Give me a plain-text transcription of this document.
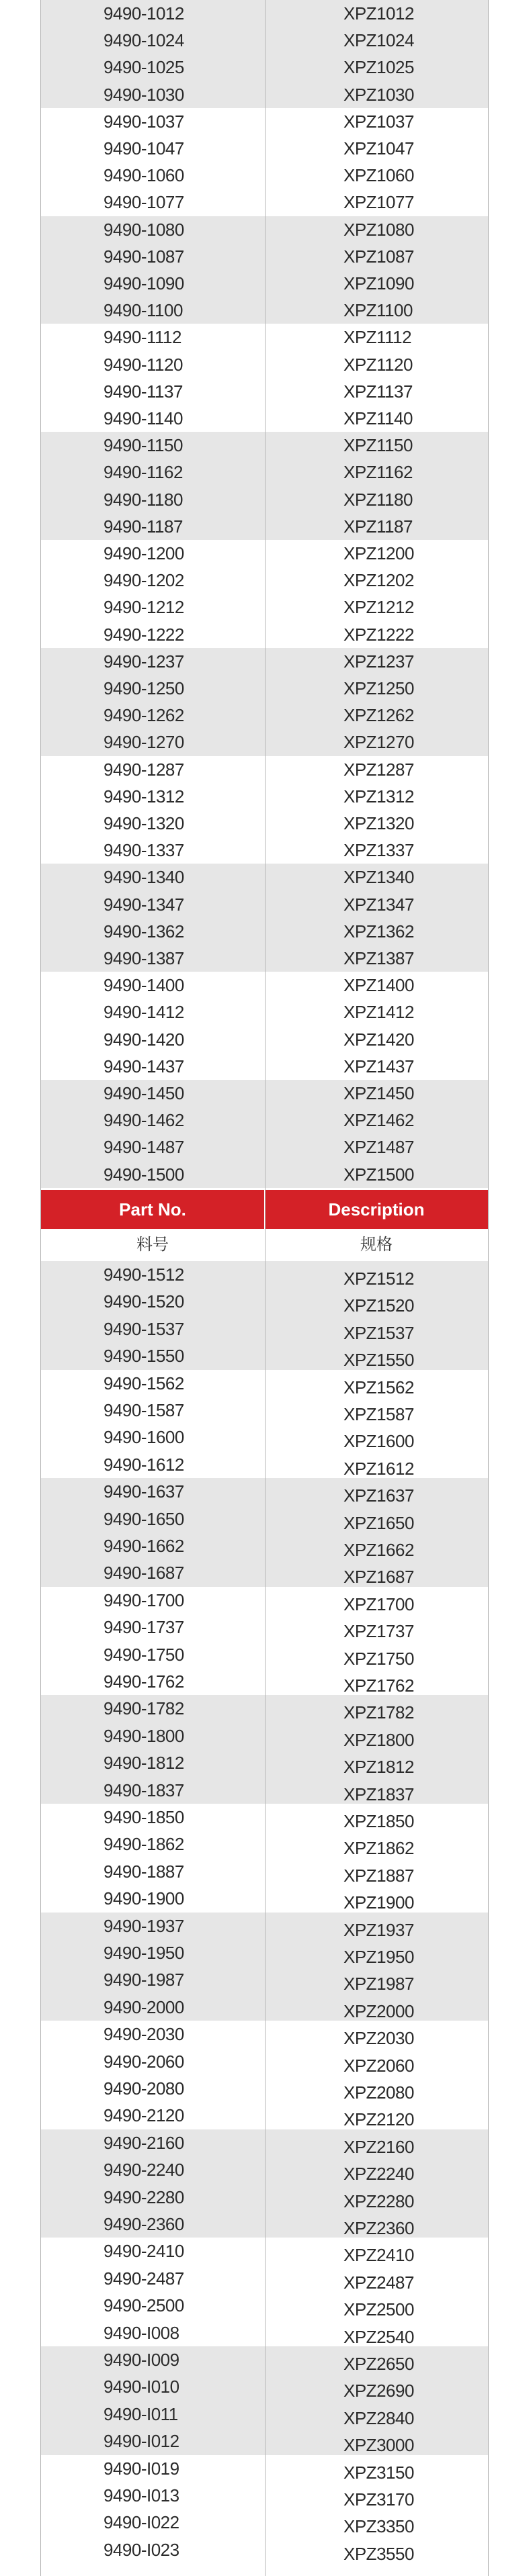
9490-1012	XPZ1012
9490-1024	XPZ1024
9490-1025	XPZ1025
9490-1030	XPZ1030
9490-1037	XPZ1037
9490-1047	XPZ1047
9490-1060	XPZ1060
9490-1077	XPZ1077
9490-1080	XPZ1080
9490-1087	XPZ1087
9490-1090	XPZ1090
9490-1100	XPZ1100
9490-1112	XPZ1112
9490-1120	XPZ1120
9490-1137	XPZ1137
9490-1140	XPZ1140
9490-1150	XPZ1150
9490-1162	XPZ1162
9490-1180	XPZ1180
9490-1187	XPZ1187
9490-1200	XPZ1200
9490-1202	XPZ1202
9490-1212	XPZ1212
9490-1222	XPZ1222
9490-1237	XPZ1237
9490-1250	XPZ1250
9490-1262	XPZ1262
9490-1270	XPZ1270
9490-1287	XPZ1287
9490-1312	XPZ1312
9490-1320	XPZ1320
9490-1337	XPZ1337
9490-1340	XPZ1340
9490-1347	XPZ1347
9490-1362	XPZ1362
9490-1387	XPZ1387
9490-1400	XPZ1400
9490-1412	XPZ1412
9490-1420	XPZ1420
9490-1437	XPZ1437
9490-1450	XPZ1450
9490-1462	XPZ1462
9490-1487	XPZ1487
9490-1500	XPZ1500
Part No.	Description
料号	规格
9490-1512	XPZ1512
9490-1520	XPZ1520
9490-1537	XPZ1537
9490-1550	XPZ1550
9490-1562	XPZ1562
9490-1587	XPZ1587
9490-1600	XPZ1600
9490-1612	XPZ1612
9490-1637	XPZ1637
9490-1650	XPZ1650
9490-1662	XPZ1662
9490-1687	XPZ1687
9490-1700	XPZ1700
9490-1737	XPZ1737
9490-1750	XPZ1750
9490-1762	XPZ1762
9490-1782	XPZ1782
9490-1800	XPZ1800
9490-1812	XPZ1812
9490-1837	XPZ1837
9490-1850	XPZ1850
9490-1862	XPZ1862
9490-1887	XPZ1887
9490-1900	XPZ1900
9490-1937	XPZ1937
9490-1950	XPZ1950
9490-1987	XPZ1987
9490-2000	XPZ2000
9490-2030	XPZ2030
9490-2060	XPZ2060
9490-2080	XPZ2080
9490-2120	XPZ2120
9490-2160	XPZ2160
9490-2240	XPZ2240
9490-2280	XPZ2280
9490-2360	XPZ2360
9490-2410	XPZ2410
9490-2487	XPZ2487
9490-2500	XPZ2500
9490-I008	XPZ2540
9490-I009	XPZ2650
9490-I010	XPZ2690
9490-I011	XPZ2840
9490-I012	XPZ3000
9490-I019	XPZ3150
9490-I013	XPZ3170
9490-I022	XPZ3350
9490-I023	XPZ3550
